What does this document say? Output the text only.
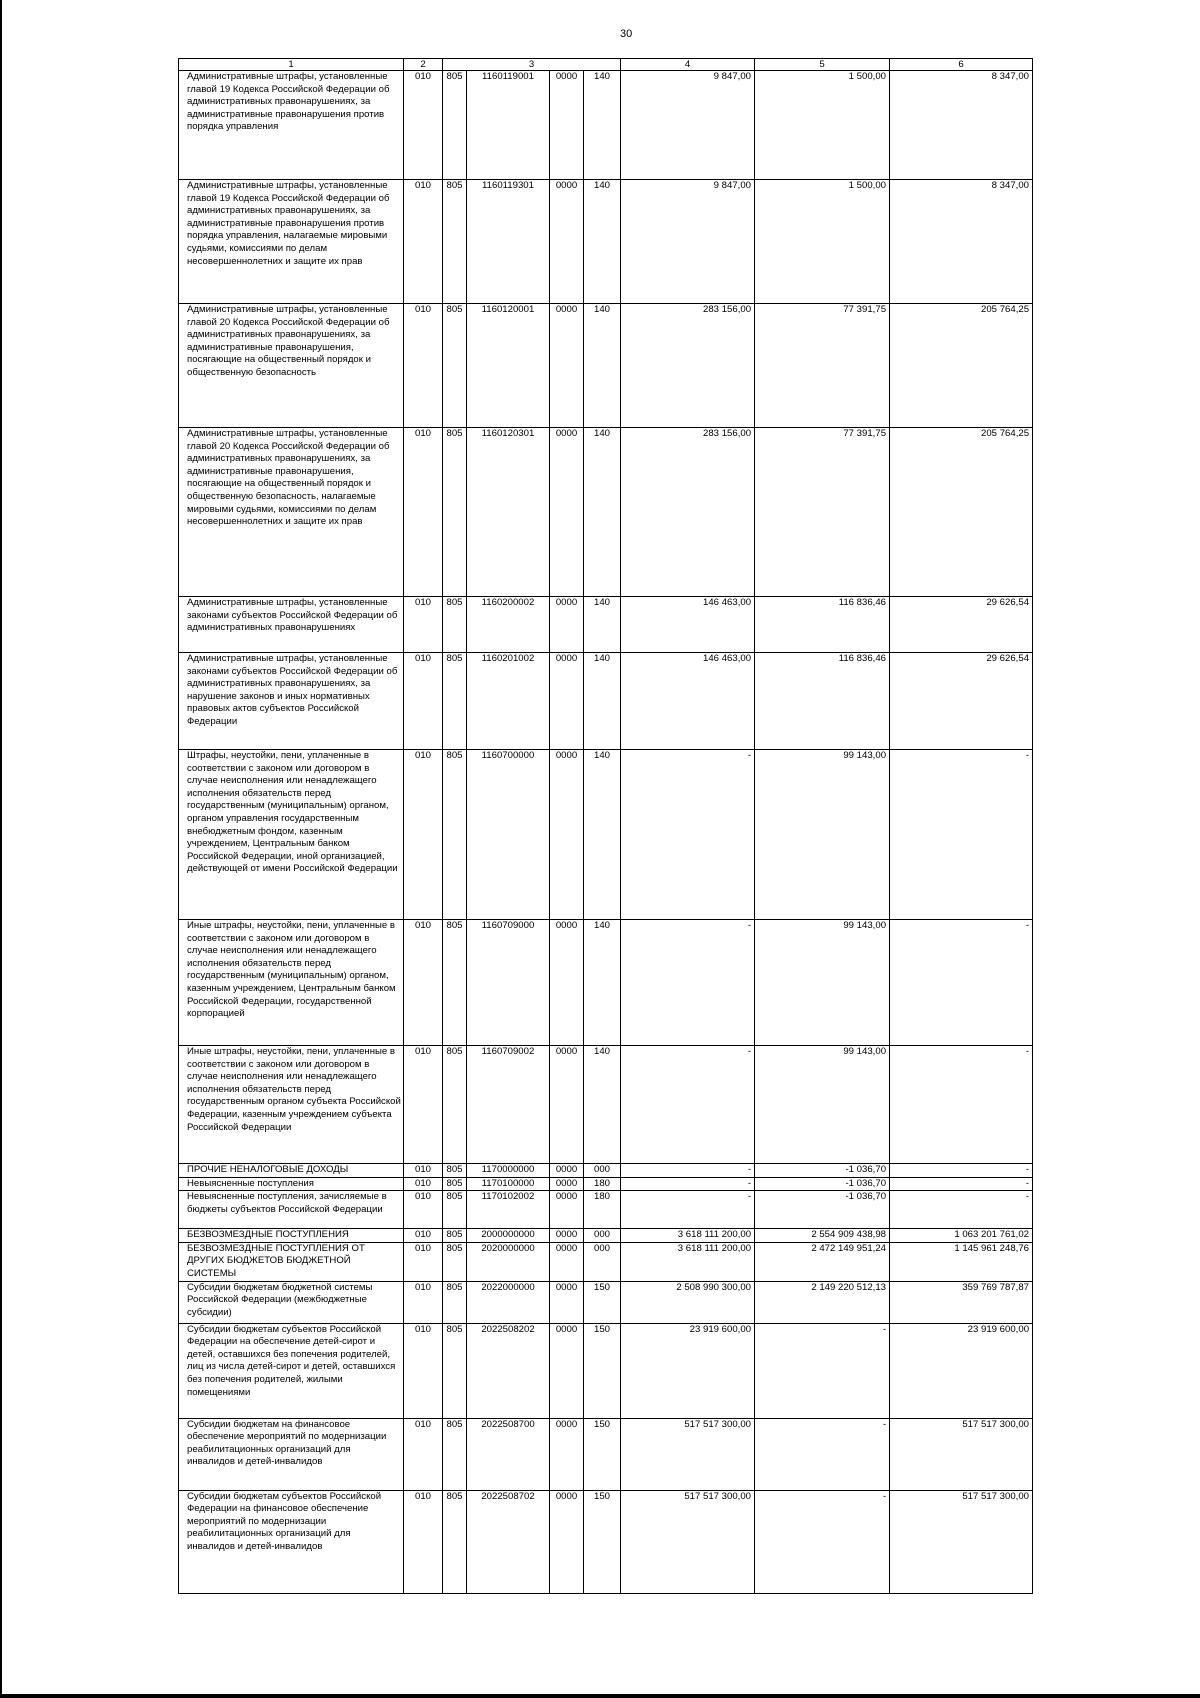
30
1	2	3				4	5	6
Административные штрафы, установленные главой 19 Кодекса Российской Федерации об административных правонарушениях, за административные правонарушения против порядка управления	010	805	1160119001	0000	140	9 847,00	1 500,00	8 347,00
Административные штрафы, установленные главой 19 Кодекса Российской Федерации об административных правонарушениях, за административные правонарушения против порядка управления, налагаемые мировыми судьями, комиссиями по делам несовершеннолетних и защите их прав	010	805	1160119301	0000	140	9 847,00	1 500,00	8 347,00
Административные штрафы, установленные главой 20 Кодекса Российской Федерации об административных правонарушениях, за административные правонарушения, посягающие на общественный порядок и общественную безопасность	010	805	1160120001	0000	140	283 156,00	77 391,75	205 764,25
Административные штрафы, установленные главой 20 Кодекса Российской Федерации об административных правонарушениях, за административные правонарушения, посягающие на общественный порядок и общественную безопасность, налагаемые мировыми судьями, комиссиями по делам несовершеннолетних и защите их прав	010	805	1160120301	0000	140	283 156,00	77 391,75	205 764,25
Административные штрафы, установленные законами субъектов Российской Федерации об административных правонарушениях	010	805	1160200002	0000	140	146 463,00	116 836,46	29 626,54
Административные штрафы, установленные законами субъектов Российской Федерации об административных правонарушениях, за нарушение законов и иных нормативных правовых актов субъектов Российской Федерации	010	805	1160201002	0000	140	146 463,00	116 836,46	29 626,54
Штрафы, неустойки, пени, уплаченные в соответствии с законом или договором в случае неисполнения или ненадлежащего исполнения обязательств перед государственным (муниципальным) органом, органом управления государственным внебюджетным фондом, казенным учреждением, Центральным банком Российской Федерации, иной организацией, действующей от имени Российской Федерации	010	805	1160700000	0000	140	-	99 143,00	-
Иные штрафы, неустойки, пени, уплаченные в соответствии с законом или договором в случае неисполнения или ненадлежащего исполнения обязательств перед государственным (муниципальным) органом, казенным учреждением, Центральным банком Российской Федерации, государственной корпорацией	010	805	1160709000	0000	140	-	99 143,00	-
Иные штрафы, неустойки, пени, уплаченные в соответствии с законом или договором в случае неисполнения или ненадлежащего исполнения обязательств перед государственным органом субъекта Российской Федерации, казенным учреждением субъекта Российской Федерации	010	805	1160709002	0000	140	-	99 143,00	-
ПРОЧИЕ НЕНАЛОГОВЫЕ ДОХОДЫ	010	805	1170000000	0000	000	-	-1 036,70	-
Невыясненные поступления	010	805	1170100000	0000	180	-	-1 036,70	-
Невыясненные поступления, зачисляемые в бюджеты субъектов Российской Федерации	010	805	1170102002	0000	180	-	-1 036,70	-
БЕЗВОЗМЕЗДНЫЕ ПОСТУПЛЕНИЯ	010	805	2000000000	0000	000	3 618 111 200,00	2 554 909 438,98	1 063 201 761,02
БЕЗВОЗМЕЗДНЫЕ ПОСТУПЛЕНИЯ ОТ ДРУГИХ БЮДЖЕТОВ БЮДЖЕТНОЙ СИСТЕМЫ	010	805	2020000000	0000	000	3 618 111 200,00	2 472 149 951,24	1 145 961 248,76
Субсидии бюджетам бюджетной системы Российской Федерации (межбюджетные субсидии)	010	805	2022000000	0000	150	2 508 990 300,00	2 149 220 512,13	359 769 787,87
Субсидии бюджетам субъектов Российской Федерации на обеспечение детей-сирот и детей, оставшихся без попечения родителей, лиц из числа детей-сирот и детей, оставшихся без попечения родителей, жилыми помещениями	010	805	2022508202	0000	150	23 919 600,00	-	23 919 600,00
Субсидии бюджетам на финансовое обеспечение мероприятий по модернизации реабилитационных организаций для инвалидов и детей-инвалидов	010	805	2022508700	0000	150	517 517 300,00	-	517 517 300,00
Субсидии бюджетам субъектов Российской Федерации на финансовое обеспечение мероприятий по модернизации реабилитационных организаций для инвалидов и детей-инвалидов	010	805	2022508702	0000	150	517 517 300,00	-	517 517 300,00
